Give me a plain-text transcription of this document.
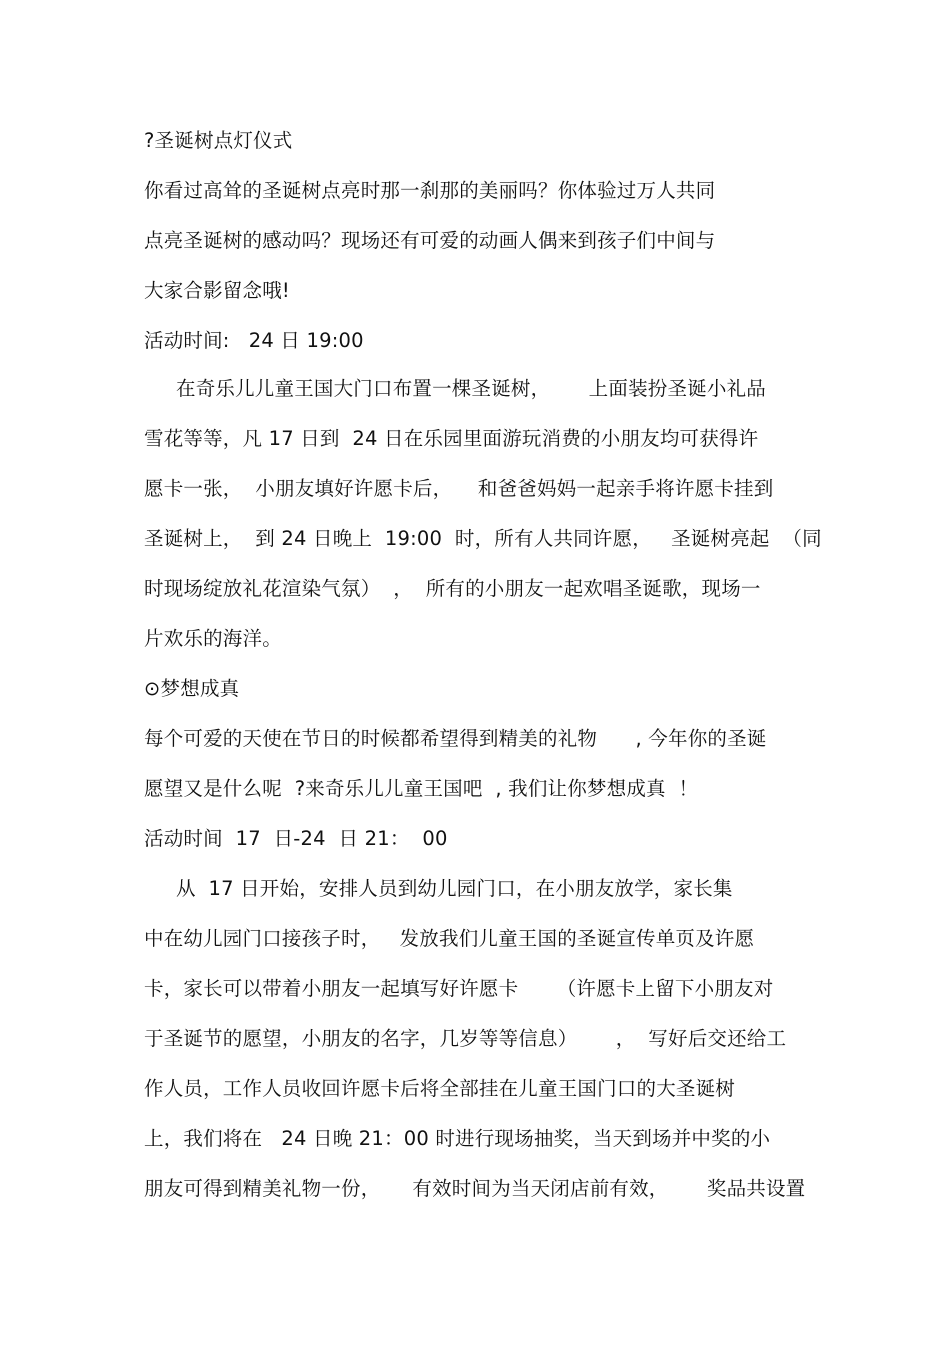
?圣诞树点灯仪式
你看过高耸的圣诞树点亮时那一刹那的美丽吗？你体验过万人共同
点亮圣诞树的感动吗？现场还有可爱的动画人偶来到孩子们中间与
大家合影留念哦!
活动时间:   24 日 19:00
在奇乐儿儿童王国大门口布置一棵圣诞树，      上面装扮圣诞小礼品
雪花等等，凡 17 日到  24 日在乐园里面游玩消费的小朋友均可获得许
愿卡一张，  小朋友填好许愿卡后，    和爸爸妈妈一起亲手将许愿卡挂到
圣诞树上，  到 24 日晚上  19:00  时，所有人共同许愿，   圣诞树亮起  （同
时现场绽放礼花渲染气氛）  ，  所有的小朋友一起欢唱圣诞歌，现场一
片欢乐的海洋。
⊙梦想成真
每个可爱的天使在节日的时候都希望得到精美的礼物      , 今年你的圣诞
愿望又是什么呢  ?来奇乐儿儿童王国吧  , 我们让你梦想成真  ！
活动时间  17  日-24  日 21：  00
从  17 日开始，安排人员到幼儿园门口，在小朋友放学，家长集
中在幼儿园门口接孩子时，   发放我们儿童王国的圣诞宣传单页及许愿
卡，家长可以带着小朋友一起填写好许愿卡      （许愿卡上留下小朋友对
于圣诞节的愿望，小朋友的名字，几岁等等信息）      ，  写好后交还给工
作人员，工作人员收回许愿卡后将全部挂在儿童王国门口的大圣诞树
上，我们将在   24 日晚 21：00 时进行现场抽奖，当天到场并中奖的小
朋友可得到精美礼物一份，     有效时间为当天闭店前有效，      奖品共设置
